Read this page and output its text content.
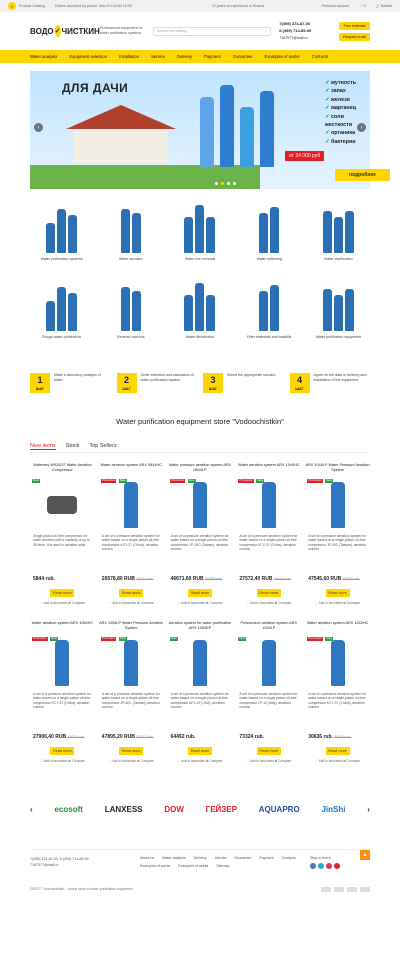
≡	Product Catalog	Orders accepted by phone: Mon-Fri 10:00-18:00	12 years of experience in Russia	Personal account	♡ 0	🛒 Basket
ВОДО ✓ ЧИСТКИН Professional equipment for water purification systems	Search the catalog	⌕
7(495) 374-87-00
8 (499) 714-85-99
7187577@mail.ru
Free estimate
Request a call
Water analysis	Equipment selection	Installation	Service	Delivery	Payment	Guarantee	Examples of works	Contacts
ДЛЯ ДАЧИ	✓ мутность
✓ запах
✓ железо
✓ марганец
✓ соли жесткости
✓ органика
✓ бактерии
от 24 000 руб
подробнее
‹	›
Water purification systems	Water aeration	Water iron removal	Water softening	Water clarification
Rough water purification	Reverse osmosis	Water disinfection	Filter materials and backfills	Water purification equipment
1
ШАГ
Make a laboratory analysis of water	2
ШАГ
Order selection and calculation of water purification system	3
ШАГ
Select the appropriate solution
4
ШАГ
Agree on the date of delivery and installation of the equipment
Water purification equipment store "Vodoochistkin"
New items Stock Top Sellers
Waterstry W925/37 Water Aeration Compressor
New
Single-piston oil-free compressor for water aeration with a capacity of up to 35 l/min. It is used in aeration units
5844 rub.
Read more
♡ Add to favourites ⇄ Compare
Water aeration system ARX 0844HC
Promotion	New
A set of a pressure aeration system for water based on a single-piston oil-free compressor KCY-37 (China), aeration column
26578,80 RUB 29531 rub.
Read more
♡ Add to favourites ⇄ Compare
Water pressure aeration system ARX 0844LP
Promotion	New
A set of a pressure aeration system for water based on a single-piston oil-free compressor JP-40C (Taiwan), aeration column
46671,60 RUB 51858 rub.
Read more
♡ Add to favourites ⇄ Compare
Water aeration system ARX 1044HC
Promotion	New
A set of a pressure aeration system for water based on a single-piston oil-free compressor KCY-37 (China), aeration column
27572,40 RUB 30636 rub.
Read more
♡ Add to favourites ⇄ Compare
ARX 1044LP Water Pressure Aeration System
Promotion	New
A set of a pressure aeration system for water based on a single-piston oil-free compressor JP-40C (Taiwan), aeration column
47545,60 RUB 52828 rub.
Read more
♡ Add to favourites ⇄ Compare
Water aeration system ARX 1054HC
Promotion	New
A set of a pressure aeration system for water based on a single-piston oil-free compressor KCY-37 (China), aeration column
27906,40 RUB 31007 rub.
Read more
♡ Add to favourites ⇄ Compare
ARX 1054LP Water Pressure Aeration System
Promotion	New
A set of a pressure aeration system for water based on a single-piston oil-free compressor JP-40C (Taiwan), aeration column
47895,20 RUB 53217 rub.
Read more
♡ Add to favourites ⇄ Compare
Aeration system for water purification ARX 1054EP
New
A set of a pressure aeration system for water based on a single-piston oil-free compressor AP2-22 (USA), aeration column
64492 rub.
Read more
♡ Add to favourites ⇄ Compare
Pressurized aeration system ARX 1054LP
New
A set of a pressure aeration system for water based on a single-piston oil-free compressor LP-12 (Italy), aeration column
73324 rub.
Read more
♡ Add to favourites ⇄ Compare
Water aeration system ARX 1252HC
Promotion	New
A set of a pressure aeration system for water based on a single-piston oil-free compressor KCY-37 (China), aeration column
30636 rub. 34040 rub.
Read more
♡ Add to favourites ⇄ Compare
‹	ecosoft	LANXESS	DOW	ГЕЙЗЕР	AQUAPRO	JinShi	›
7(495) 374-87-00, 8 (499) 714-85-99
7187577@mail.ru
About us Water analysis Delivery Articles Guarantee Payment Contacts
Examples of works Examples of works Sitemap
Stay in touch	▲
2023 © "Vodoochistkin" - online store of water purification equipment
